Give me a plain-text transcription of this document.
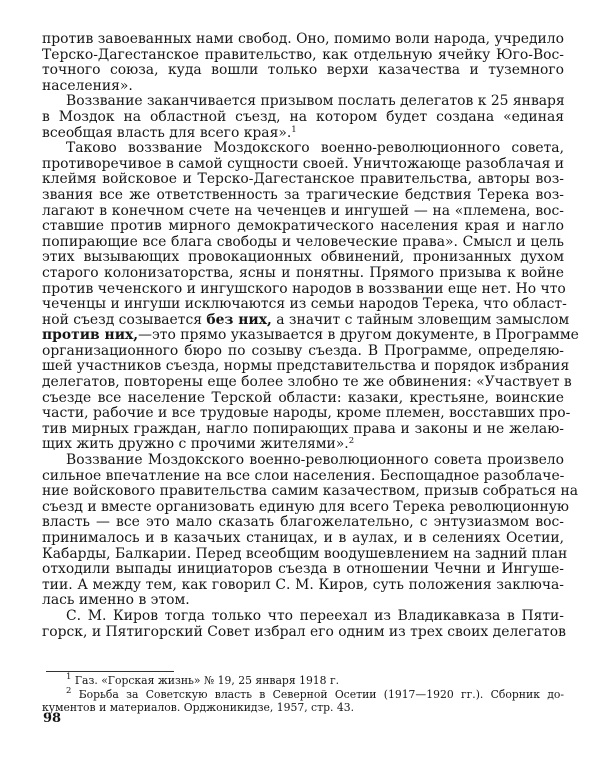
против завоеванных нами свобод. Оно, помимо воли народа, учредило
Терско-Дагестанское правительство, как отдельную ячейку Юго-Вос-
точного союза, куда вошли только верхи казачества и туземного
населения».

Воззвание заканчивается призывом послать делегатов к 25 января
в Моздок на областной съезд, на котором будет создана «единая
всеобщая власть для всего края».$^1$

Таково воззвание Моздокского военно-революционного совета,
противоречивое в самой сущности своей. Уничтожающе разоблачая и
клеймя войсковое и Терско-Дагестанское правительства, авторы воз-
звания все же ответственность за трагические бедствия Терека воз-
лагают в конечном счете на чеченцев и ингушей — на «племена, вос-
ставшие против мирного демократического населения края и нагло
попирающие все блага свободы и человеческие права». Смысл и цель
этих вызывающих провокационных обвинений, пронизанных духом
старого колонизаторства, ясны и понятны. Прямого призыва к войне
против чеченского и ингушского народов в воззвании еще нет. Но что
чеченцы и ингуши исключаются из семьи народов Терека, что област-
ной съезд созывается без них, а значит с тайным зловещим замыслом
против них,—это прямо указывается в другом документе, в Программе
организационного бюро по созыву съезда. В Программе, определяю-
шей участников съезда, нормы представительства и порядок избрания
делегатов, повторены еще более злобно те же обвинения: «Участвует в
съезде все население Терской области: казаки, крестьяне, воинские
части, рабочие и все трудовые народы, кроме племен, восставших про-
тив мирных граждан, нагло попирающих права и законы и не желаю-
щих жить дружно с прочими жителями».$^2$

Воззвание Моздокского военно-революционного совета произвело
сильное впечатление на все слои населения. Беспощадное разоблаче-
ние войскового правительства самим казачеством, призыв собраться на
съезд и вместе организовать единую для всего Терека революционную
власть — все это мало сказать благожелательно, с энтузиазмом вос-
принималось и в казачьих станицах, и в аулах, и в селениях Осетии,
Кабарды, Балкарии. Перед всеобщим воодушевлением на задний план
отходили выпады инициаторов съезда в отношении Чечни и Ингуше-
тии. А между тем, как говорил С. М. Киров, суть положения заключа-
лась именно в этом.

С. М. Киров тогда только что переехал из Владикавказа в Пяти-
горск, и Пятигорский Совет избрал его одним из трех своих делегатов

$^1$ Газ. «Горская жизнь» № 19, 25 января 1918 г.
$^2$ Борьба за Советскую власть в Северной Осетии (1917—1920 гг.). Сборник до-
кументов и материалов. Орджоникидзе, 1957, стр. 43.
98
